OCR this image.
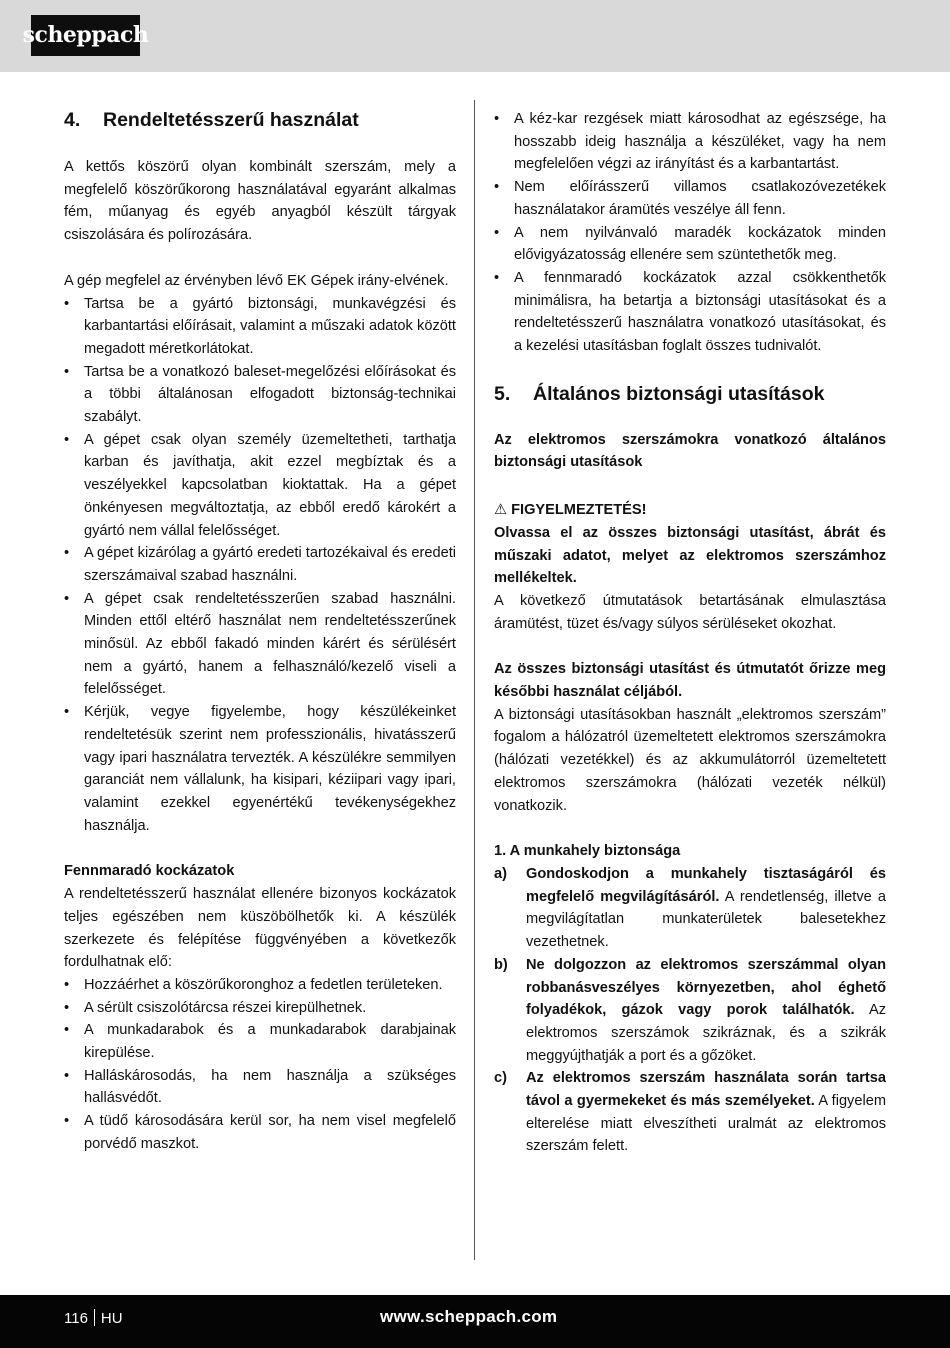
scheppach
4. Rendeltetésszerű használat

A kettős köszörű olyan kombinált szerszám, mely a megfelelő köszörűkorong használatával egyaránt alkalmas fém, műanyag és egyéb anyagból készült tárgyak csiszolására és polírozására.

A gép megfelel az érvényben lévő EK Gépek irány-elvének.

• Tartsa be a gyártó biztonsági, munkavégzési és karbantartási előírásait, valamint a műszaki adatok között megadott méretkorlátokat.
• Tartsa be a vonatkozó baleset-megelőzési előírásokat és a többi általánosan elfogadott biztonság-technikai szabályt.
• A gépet csak olyan személy üzemeltetheti, tarthatja karban és javíthatja, akit ezzel megbíztak és a veszélyekkel kapcsolatban kioktattak. Ha a gépet önkényesen megváltoztatja, az ebből eredő károkért a gyártó nem vállal felelősséget.
• A gépet kizárólag a gyártó eredeti tartozékaival és eredeti szerszámaival szabad használni.
• A gépet csak rendeltetésszerűen szabad használni. Minden ettől eltérő használat nem rendeltetésszerűnek minősül. Az ebből fakadó minden kárért és sérülésért nem a gyártó, hanem a felhasználó/kezelő viseli a felelősséget.
• Kérjük, vegye figyelembe, hogy készülékeinket rendeltetésük szerint nem professzionális, hivatásszerű vagy ipari használatra tervezték. A készülékre semmilyen garanciát nem vállalunk, ha kisipari, kéziipari vagy ipari, valamint ezekkel egyenértékű tevékenységekhez használja.

Fennmaradó kockázatok

A rendeltetésszerű használat ellenére bizonyos kockázatok teljes egészében nem küszöbölhetők ki. A készülék szerkezete és felépítése függvényében a következők fordulhatnak elő:

• Hozzáérhet a köszörűkoronghoz a fedetlen területeken.
• A sérült csiszolótárcsa részei kirepülhetnek.
• A munkadarabok és a munkadarabok darabjainak kirepülése.
• Halláskárosodás, ha nem használja a szükséges hallásvédőt.
• A tüdő károsodására kerül sor, ha nem visel megfelelő porvédő maszkot.
• A kéz-kar rezgések miatt károsodhat az egészsége, ha hosszabb ideig használja a készüléket, vagy ha nem megfelelően végzi az irányítást és a karbantartást.
• Nem előírásszerű villamos csatlakozóvezetékek használatakor áramütés veszélye áll fenn.
• A nem nyilvánvaló maradék kockázatok minden elővigyázatosság ellenére sem szüntethetők meg.
• A fennmaradó kockázatok azzal csökkenthetők minimálisra, ha betartja a biztonsági utasításokat és a rendeltetésszerű használatra vonatkozó utasításokat, és a kezelési utasításban foglalt összes tudnivalót.
5. Általános biztonsági utasítások

Az elektromos szerszámokra vonatkozó általános biztonsági utasítások

⚠ FIGYELMEZTETÉS!

Olvassa el az összes biztonsági utasítást, ábrát és műszaki adatot, melyet az elektromos szerszámhoz mellékeltek.

A következő útmutatások betartásának elmulasztása áramütést, tüzet és/vagy súlyos sérüléseket okozhat.

Az összes biztonsági utasítást és útmutatót őrizze meg későbbi használat céljából.

A biztonsági utasításokban használt „elektromos szerszám” fogalom a hálózatról üzemeltetett elektromos szerszámokra (hálózati vezetékkel) és az akkumulátorról üzemeltetett elektromos szerszámokra (hálózati vezeték nélkül) vonatkozik.

1. A munkahely biztonsága

a) Gondoskodjon a munkahely tisztaságáról és megfelelő megvilágításáról. A rendetlenség, illetve a megvilágítatlan munkaterületek balesetekhez vezethetnek.
b) Ne dolgozzon az elektromos szerszámmal olyan robbanásveszélyes környezetben, ahol éghető folyadékok, gázok vagy porok találhatók. Az elektromos szerszámok szikráznak, és a szikrák meggyújthatják a port és a gőzöket.
c) Az elektromos szerszám használata során tartsa távol a gyermekeket és más személyeket. A figyelem elterelése miatt elveszítheti uralmát az elektromos szerszám felett.
116 HU	www.scheppach.com
